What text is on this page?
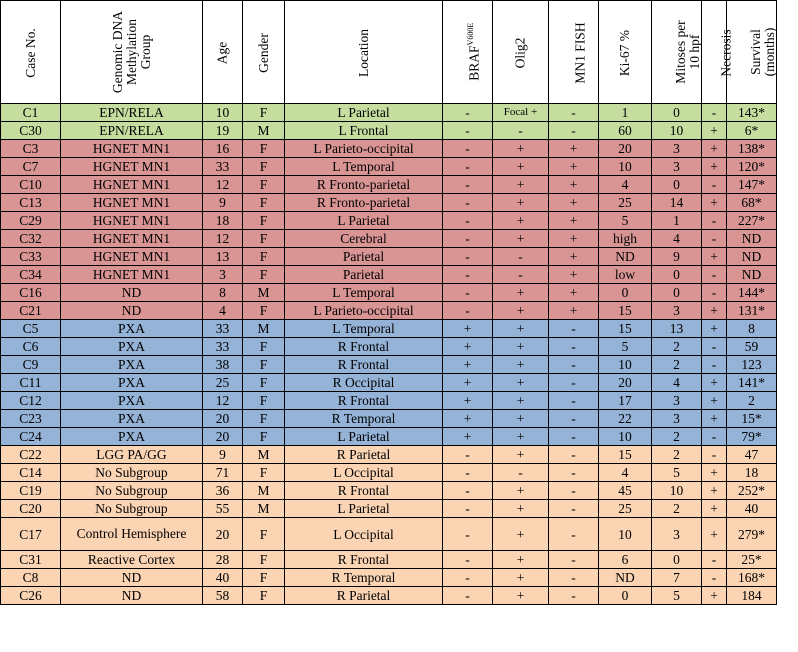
Case No.	Genomic DNA Methylation Group	Age	Gender	Location	$BRAF^{V600E}$	Olig2	MN1 FISH	Ki-67 %	Mitoses per 10 hpf	Necrosis	Survival (months)
C1	EPN/RELA	10	F	L Parietal	-	Focal +	-	1	0	-	143*
C30	EPN/RELA	19	M	L Frontal	-	-	-	60	10	+	6*
C3	HGNET MN1	16	F	L Parieto-occipital	-	+	+	20	3	+	138*
C7	HGNET MN1	33	F	L Temporal	-	+	+	10	3	+	120*
C10	HGNET MN1	12	F	R Fronto-parietal	-	+	+	4	0	-	147*
C13	HGNET MN1	9	F	R Fronto-parietal	-	+	+	25	14	+	68*
C29	HGNET MN1	18	F	L Parietal	-	+	+	5	1	-	227*
C32	HGNET MN1	12	F	Cerebral	-	+	+	high	4	-	ND
C33	HGNET MN1	13	F	Parietal	-	-	+	ND	9	+	ND
C34	HGNET MN1	3	F	Parietal	-	-	+	low	0	-	ND
C16	ND	8	M	L Temporal	-	+	+	0	0	-	144*
C21	ND	4	F	L Parieto-occipital	-	+	+	15	3	+	131*
C5	PXA	33	M	L Temporal	+	+	-	15	13	+	8
C6	PXA	33	F	R Frontal	+	+	-	5	2	-	59
C9	PXA	38	F	R Frontal	+	+	-	10	2	-	123
C11	PXA	25	F	R Occipital	+	+	-	20	4	+	141*
C12	PXA	12	F	R Frontal	+	+	-	17	3	+	2
C23	PXA	20	F	R Temporal	+	+	-	22	3	+	15*
C24	PXA	20	F	L Parietal	+	+	-	10	2	-	79*
C22	LGG PA/GG	9	M	R Parietal	-	+	-	15	2	-	47
C14	No Subgroup	71	F	L Occipital	-	-	-	4	5	+	18
C19	No Subgroup	36	M	R Frontal	-	+	-	45	10	+	252*
C20	No Subgroup	55	M	L Parietal	-	+	-	25	2	+	40
C17	Control Hemisphere	20	F	L Occipital	-	+	-	10	3	+	279*
C31	Reactive Cortex	28	F	R Frontal	-	+	-	6	0	-	25*
C8	ND	40	F	R Temporal	-	+	-	ND	7	-	168*
C26	ND	58	F	R Parietal	-	+	-	0	5	+	184
